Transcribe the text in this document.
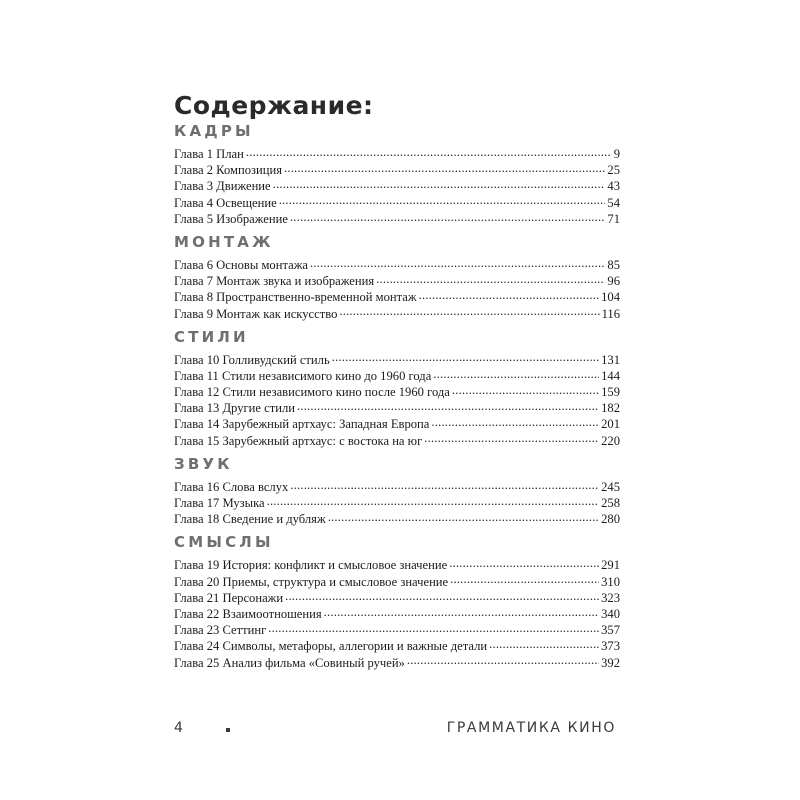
Содержание:
КАДРЫ
Глава 1 План .....	9
Глава 2 Композиция .....	25
Глава 3 Движение .....	43
Глава 4 Освещение .....	54
Глава 5 Изображение .....	71
МОНТАЖ
Глава 6 Основы монтажа .....	85
Глава 7 Монтаж звука и изображения .....	96
Глава 8 Пространственно-временной монтаж .....	104
Глава 9 Монтаж как искусство .....	116
СТИЛИ
Глава 10 Голливудский стиль .....	131
Глава 11 Стили независимого кино до 1960 года .....	144
Глава 12 Стили независимого кино после 1960 года .....	159
Глава 13 Другие стили .....	182
Глава 14 Зарубежный артхаус: Западная Европа .....	201
Глава 15 Зарубежный артхаус: с востока на юг .....	220
ЗВУК
Глава 16 Слова вслух .....	245
Глава 17 Музыка .....	258
Глава 18 Сведение и дубляж .....	280
СМЫСЛЫ
Глава 19 История: конфликт и смысловое значение .....	291
Глава 20 Приемы, структура и смысловое значение .....	310
Глава 21 Персонажи .....	323
Глава 22 Взаимоотношения .....	340
Глава 23 Сеттинг .....	357
Глава 24 Символы, метафоры, аллегории и важные детали .....	373
Глава 25 Анализ фильма «Совиный ручей» .....	392
4	ГРАММАТИКА КИНО
